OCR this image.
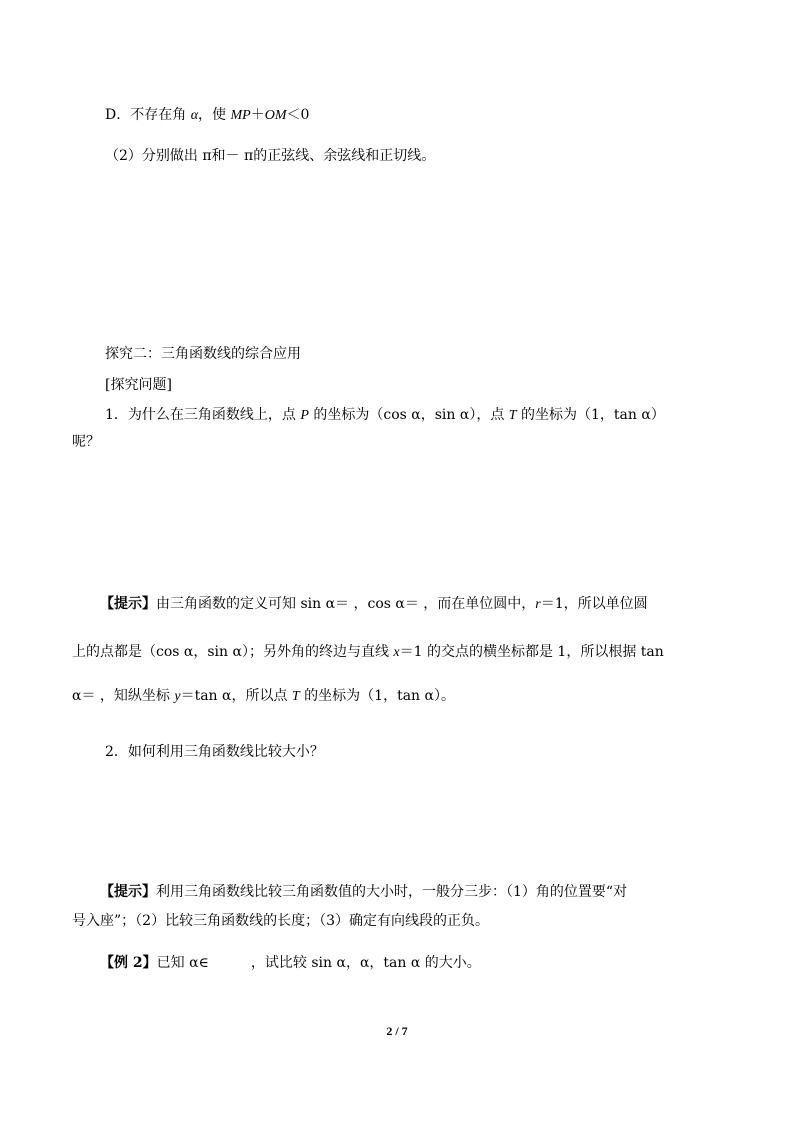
D．不存在角 α，使 MP＋OM＜0
（2）分别做出 π和－ π的正弦线、余弦线和正切线。
探究二：三角函数线的综合应用
[探究问题]
1．为什么在三角函数线上，点 P 的坐标为（cos α，sin α），点 T 的坐标为（1，tan α）
呢？
【提示】由三角函数的定义可知 sin α＝ ，cos α＝ ，而在单位圆中，r＝1，所以单位圆
上的点都是（cos α，sin α）；另外角的终边与直线 x＝1 的交点的横坐标都是 1，所以根据 tan
α＝ ，知纵坐标 y＝tan α，所以点 T 的坐标为（1，tan α）。
2．如何利用三角函数线比较大小？
【提示】利用三角函数线比较三角函数值的大小时，一般分三步：（1）角的位置要“对
号入座”；（2）比较三角函数线的长度；（3）确定有向线段的正负。
【例 2】已知 α∈	，试比较 sin α，α，tan α 的大小。
2 / 7
